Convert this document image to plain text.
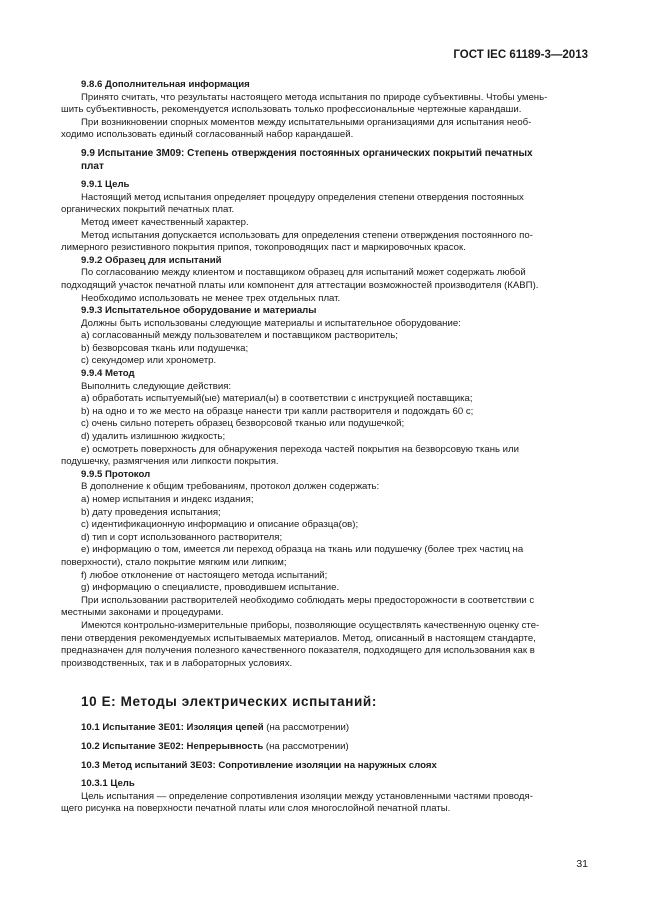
ГОСТ IEC 61189-3—2013

9.8.6 Дополнительная информация

Принято считать, что результаты настоящего метода испытания по природе субъективны. Чтобы умень-

шить субъективность, рекомендуется использовать только профессиональные чертежные карандаши.

При возникновении спорных моментов между испытательными организациями для испытания необ-

ходимо использовать единый согласованный набор карандашей.

9.9 Испытание 3М09: Степень отверждения постоянных органических покрытий печатных

плат

9.9.1 Цель

Настоящий метод испытания определяет процедуру определения степени отвердения постоянных

органических покрытий печатных плат.

Метод имеет качественный характер.

Метод испытания допускается использовать для определения степени отверждения постоянного по-

лимерного резистивного покрытия припоя, токопроводящих паст и маркировочных красок.

9.9.2 Образец для испытаний

По согласованию между клиентом и поставщиком образец для испытаний может содержать любой

подходящий участок печатной платы или компонент для аттестации возможностей производителя (КАВП).

Необходимо использовать не менее трех отдельных плат.

9.9.3 Испытательное оборудование и материалы

Должны быть использованы следующие материалы и испытательное оборудование:

а) согласованный между пользователем и поставщиком растворитель;

b) безворсовая ткань или подушечка;

c) секундомер или хронометр.

9.9.4 Метод

Выполнить следующие действия:

а) обработать испытуемый(ые) материал(ы) в соответствии с инструкцией поставщика;

b) на одно и то же место на образце нанести три капли растворителя и подождать 60 с;

c) очень сильно потереть образец безворсовой тканью или подушечкой;

d) удалить излишнюю жидкость;

е) осмотреть поверхность для обнаружения перехода частей покрытия на безворсовую ткань или

подушечку, размягчения или липкости покрытия.

9.9.5 Протокол

В дополнение к общим требованиям, протокол должен содержать:

а) номер испытания и индекс издания;

b) дату проведения испытания;

c) идентификационную информацию и описание образца(ов);

d) тип и сорт использованного растворителя;

е) информацию о том, имеется ли переход образца на ткань или подушечку (более трех частиц на

поверхности), стало покрытие мягким или липким;

f) любое отклонение от настоящего метода испытаний;

g) информацию о специалисте, проводившем испытание.

При использовании растворителей необходимо соблюдать меры предосторожности в соответствии с

местными законами и процедурами.

Имеются контрольно-измерительные приборы, позволяющие осуществлять качественную оценку сте-

пени отвердения рекомендуемых испытываемых материалов. Метод, описанный в настоящем стандарте,

предназначен для получения полезного качественного показателя, подходящего для использования как в

производственных, так и в лабораторных условиях.

10 Е: Методы электрических испытаний:

10.1 Испытание 3Е01: Изоляция цепей (на рассмотрении)

10.2 Испытание 3Е02: Непрерывность (на рассмотрении)

10.3 Метод испытаний 3Е03: Сопротивление изоляции на наружных слоях

10.3.1 Цель

Цель испытания — определение сопротивления изоляции между установленными частями проводя-

щего рисунка на поверхности печатной платы или слоя многослойной печатной платы.

31
